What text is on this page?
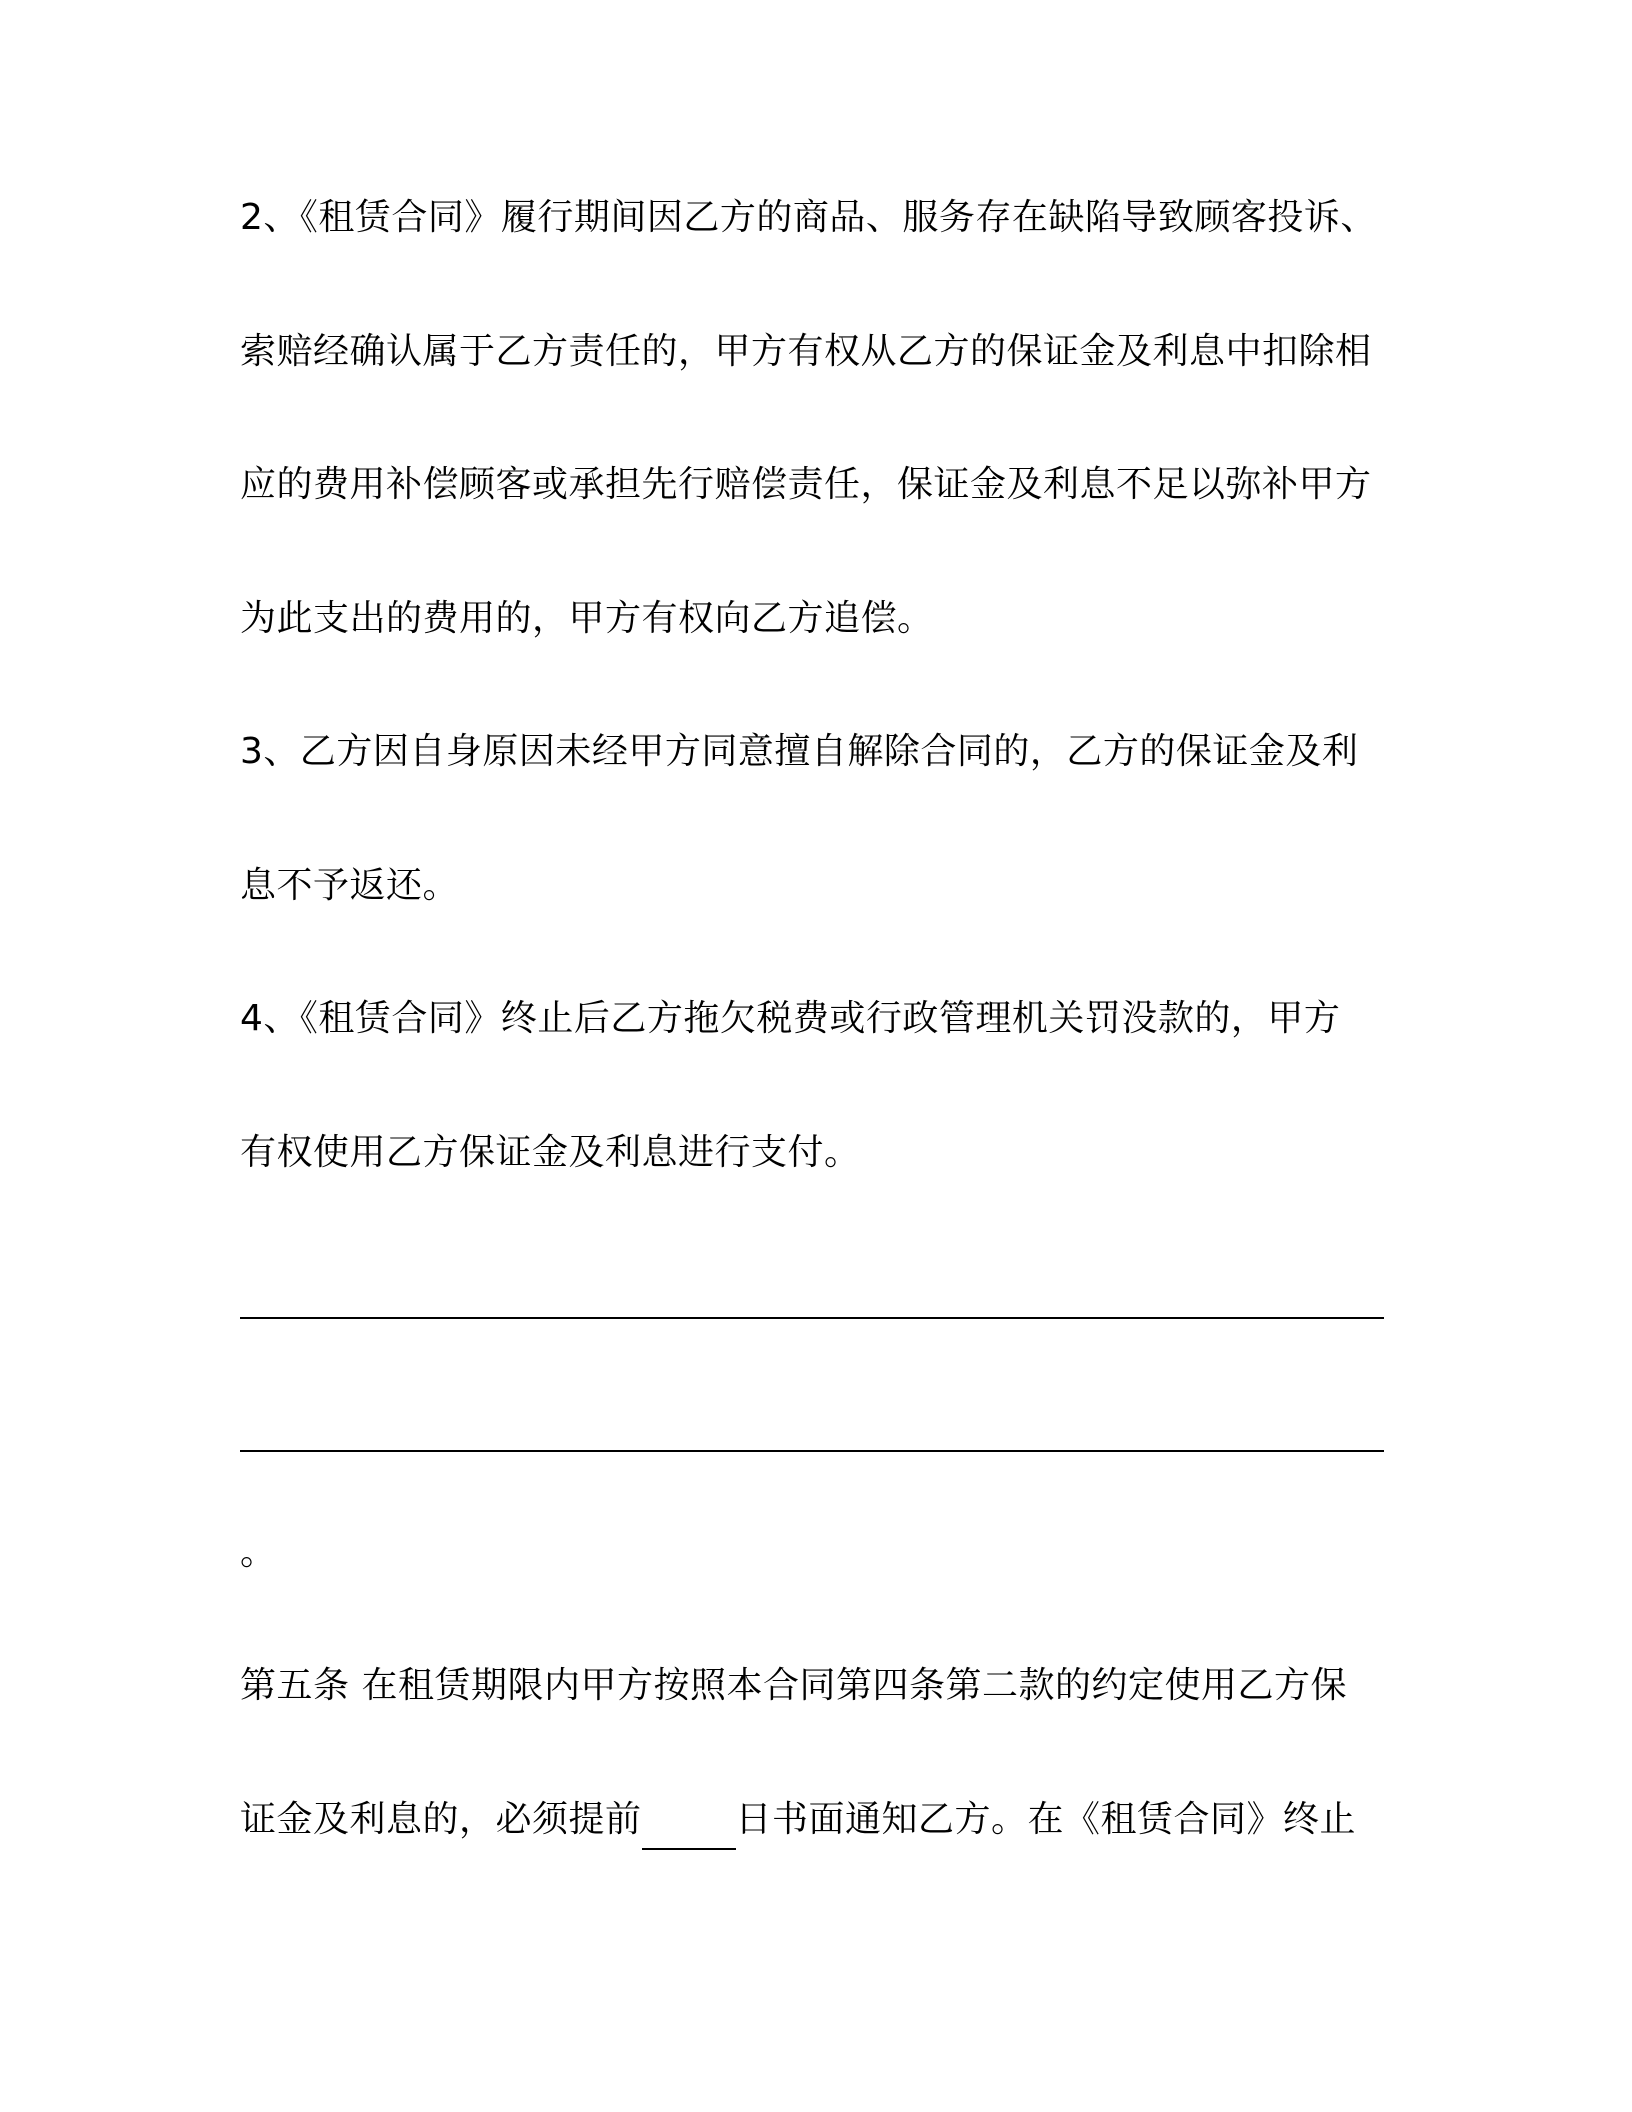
2、《租赁合同》履行期间因乙方的商品、服务存在缺陷导致顾客投诉、
索赔经确认属于乙方责任的，甲方有权从乙方的保证金及利息中扣除相
应的费用补偿顾客或承担先行赔偿责任，保证金及利息不足以弥补甲方
为此支出的费用的，甲方有权向乙方追偿。
3、乙方因自身原因未经甲方同意擅自解除合同的，乙方的保证金及利
息不予返还。
4、《租赁合同》终止后乙方拖欠税费或行政管理机关罚没款的，甲方
有权使用乙方保证金及利息进行支付。
。
第五条 在租赁期限内甲方按照本合同第四条第二款的约定使用乙方保
证金及利息的，必须提前	日书面通知乙方。在《租赁合同》终止
